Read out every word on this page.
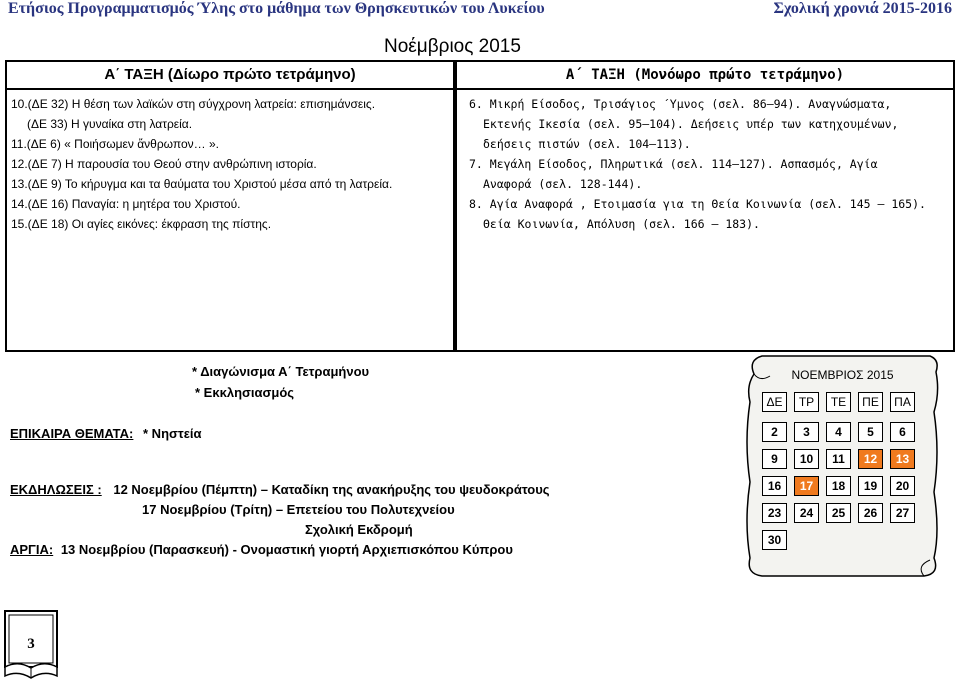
Ετήσιος Προγραμματισμός Ύλης στο μάθημα των Θρησκευτικών του Λυκείου	Σχολική χρονιά 2015-2016
Νοέμβριος 2015
Α΄ ΤΑΞΗ (Δίωρο πρώτο τετράμηνο)
10.(ΔΕ 32) Η θέση των λαϊκών στη σύγχρονη λατρεία: επισημάνσεις.
(ΔΕ 33) Η γυναίκα στη λατρεία.
11.(ΔΕ 6) « Ποιήσωμεν ἄνθρωπον… ».
12.(ΔΕ 7) Η παρουσία του Θεού στην ανθρώπινη ιστορία.
13.(ΔΕ 9) Το κήρυγμα και τα θαύματα του Χριστού μέσα από τη λατρεία.
14.(ΔΕ 16) Παναγία: η μητέρα του Χριστού.
15.(ΔΕ 18) Οι αγίες εικόνες: έκφραση της πίστης.
Α΄ ΤΑΞΗ (Μονόωρο πρώτο τετράμηνο)
6. Μικρή Είσοδος, Τρισάγιος ΄Υμνος (σελ. 86–94). Αναγνώσματα,
Εκτενής Ικεσία (σελ. 95–104). Δεήσεις υπέρ των κατηχουμένων,
δεήσεις πιστών (σελ. 104–113).
7. Μεγάλη Είσοδος, Πληρωτικά (σελ. 114–127). Ασπασμός, Αγία
Αναφορά (σελ. 128-144).
8. Αγία Αναφορά , Ετοιμασία για τη Θεία Κοινωνία (σελ. 145 – 165).
Θεία Κοινωνία, Απόλυση (σελ. 166 – 183).
* Διαγώνισμα Α΄ Τετραμήνου
* Εκκλησιασμός
ΕΠΙΚΑΙΡΑ ΘΕΜΑΤΑ: * Νηστεία
ΕΚΔΗΛΩΣΕΙΣ : 12 Νοεμβρίου (Πέμπτη) – Καταδίκη της ανακήρυξης του ψευδοκράτους
17 Νοεμβρίου (Τρίτη) – Επετείου του Πολυτεχνείου
Σχολική Εκδρομή
ΑΡΓΙΑ: 13 Νοεμβρίου (Παρασκευή) - Ονομαστική γιορτή Αρχιεπισκόπου Κύπρου
ΝΟΕΜΒΡΙΟΣ 2015
ΔΕ	ΤΡ	ΤΕ	ΠΕ	ΠΑ
2	3	4	5	6
9	10	11	12	13
16	17	18	19	20
23	24	25	26	27
30
3
